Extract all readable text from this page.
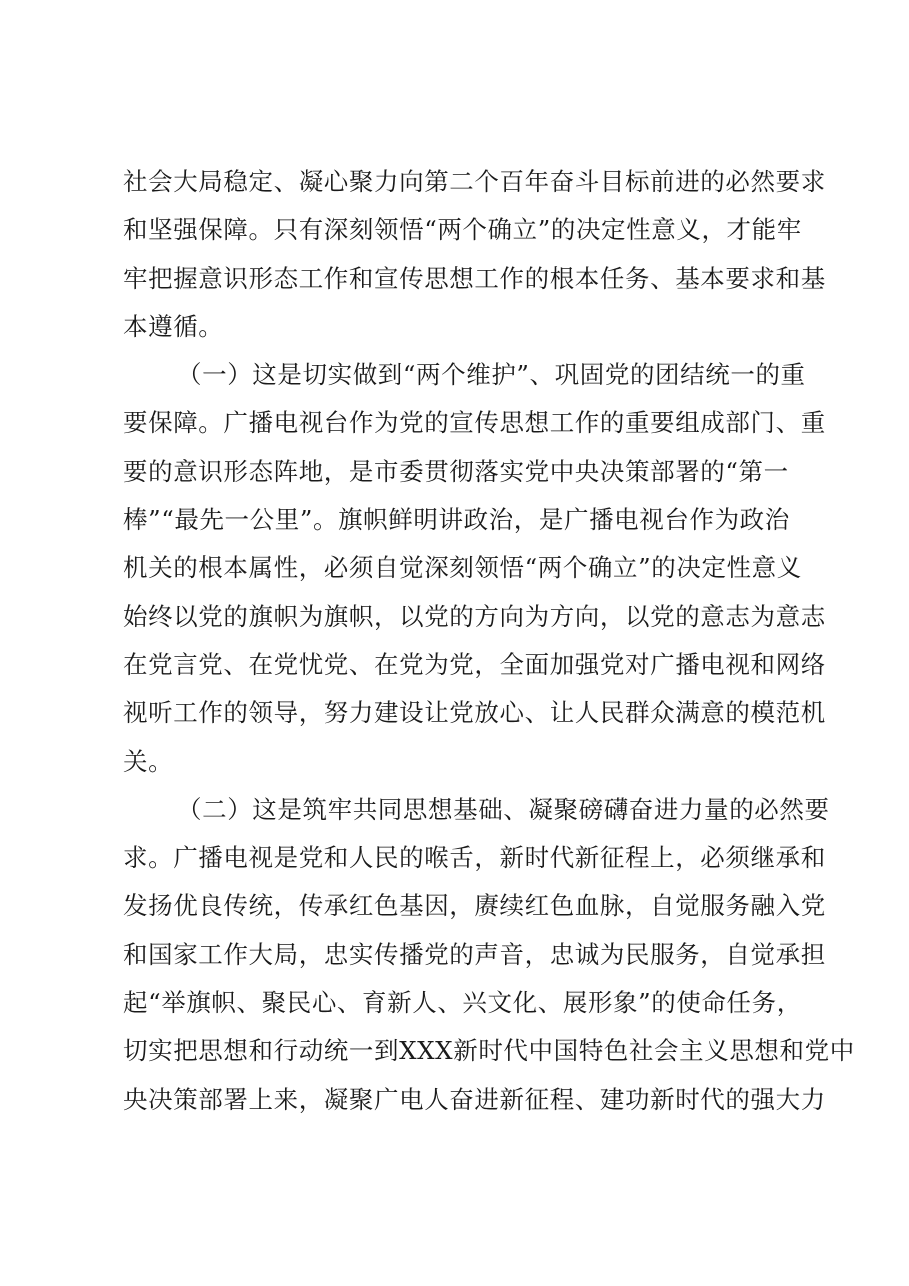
社会大局稳定、凝心聚力向第二个百年奋斗目标前进的必然要求
和坚强保障。只有深刻领悟“两个确立”的决定性意义，才能牢
牢把握意识形态工作和宣传思想工作的根本任务、基本要求和基
本遵循。
（一）这是切实做到“两个维护”、巩固党的团结统一的重
要保障。广播电视台作为党的宣传思想工作的重要组成部门、重
要的意识形态阵地，是市委贯彻落实党中央决策部署的“第一
棒”“最先一公里”。旗帜鲜明讲政治，是广播电视台作为政治
机关的根本属性，必须自觉深刻领悟“两个确立”的决定性意义
始终以党的旗帜为旗帜，以党的方向为方向，以党的意志为意志
在党言党、在党忧党、在党为党，全面加强党对广播电视和网络
视听工作的领导，努力建设让党放心、让人民群众满意的模范机
关。
（二）这是筑牢共同思想基础、凝聚磅礴奋进力量的必然要
求。广播电视是党和人民的喉舌，新时代新征程上，必须继承和
发扬优良传统，传承红色基因，赓续红色血脉，自觉服务融入党
和国家工作大局，忠实传播党的声音，忠诚为民服务，自觉承担
起“举旗帜、聚民心、育新人、兴文化、展形象”的使命任务，
切实把思想和行动统一到XXX新时代中国特色社会主义思想和党中
央决策部署上来，凝聚广电人奋进新征程、建功新时代的强大力
